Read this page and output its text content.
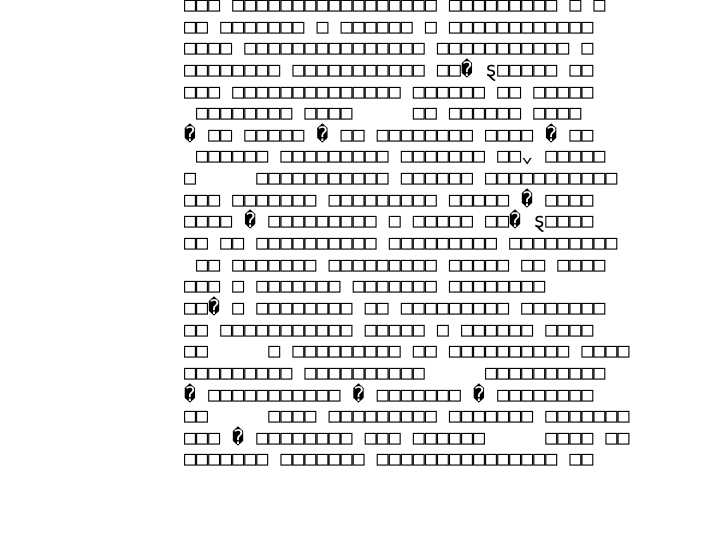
□□□ □□□□□□□□□□□□□□□□□ □□□□□□□□□ □ □
□□ □□□□□□□ □ □□□□□□ □ □□□□□□□□□□□□
□□□□ □□□□□□□□□□□□□□□ □□□□□□□□□□□ □
□□□□□□□□ □□□□□□□□□□□ □□� ȿ□□□□□ □□
□□□ □□□□□□□□□□□□□□ □□□□□□ □□ □□□□□
□□□□□□□□ □□□□     □□ □□□□□□ □□□□
� □□ □□□□□ � □□ □□□□□□□□ □□□□ � □□
□□□□□□ □□□□□□□□□ □□□□□□□ □□⌄ □□□□□
□     □□□□□□□□□□□ □□□□□□ □□□□□□□□□□□
□□□ □□□□□□□ □□□□□□□□□ □□□□□ � □□□□
□□□□ � □□□□□□□□□ □ □□□□□ □□� ȿ□□□□
□□ □□ □□□□□□□□□□ □□□□□□□□□ □□□□□□□□□
□□ □□□□□□□ □□□□□□□□□ □□□□□ □□ □□□□
□□□ □ □□□□□□□ □□□□□□□ □□□□□□□□
□□� □ □□□□□□□□ □□ □□□□□□□□□ □□□□□□□
□□ □□□□□□□□□□□ □□□□□ □ □□□□□□ □□□□
□□     □ □□□□□□□□□ □□ □□□□□□□□□□ □□□□
□□□□□□□□□ □□□□□□□□□□     □□□□□□□□□□
� □□□□□□□□□□□ � □□□□□□□ � □□□□□□□□
□□     □□□□ □□□□□□□□□ □□□□□□□ □□□□□□□
□□□ � □□□□□□□□ □□□ □□□□□□     □□□□ □□
□□□□□□□ □□□□□□□ □□□□□□□□□□□□□□□ □□
